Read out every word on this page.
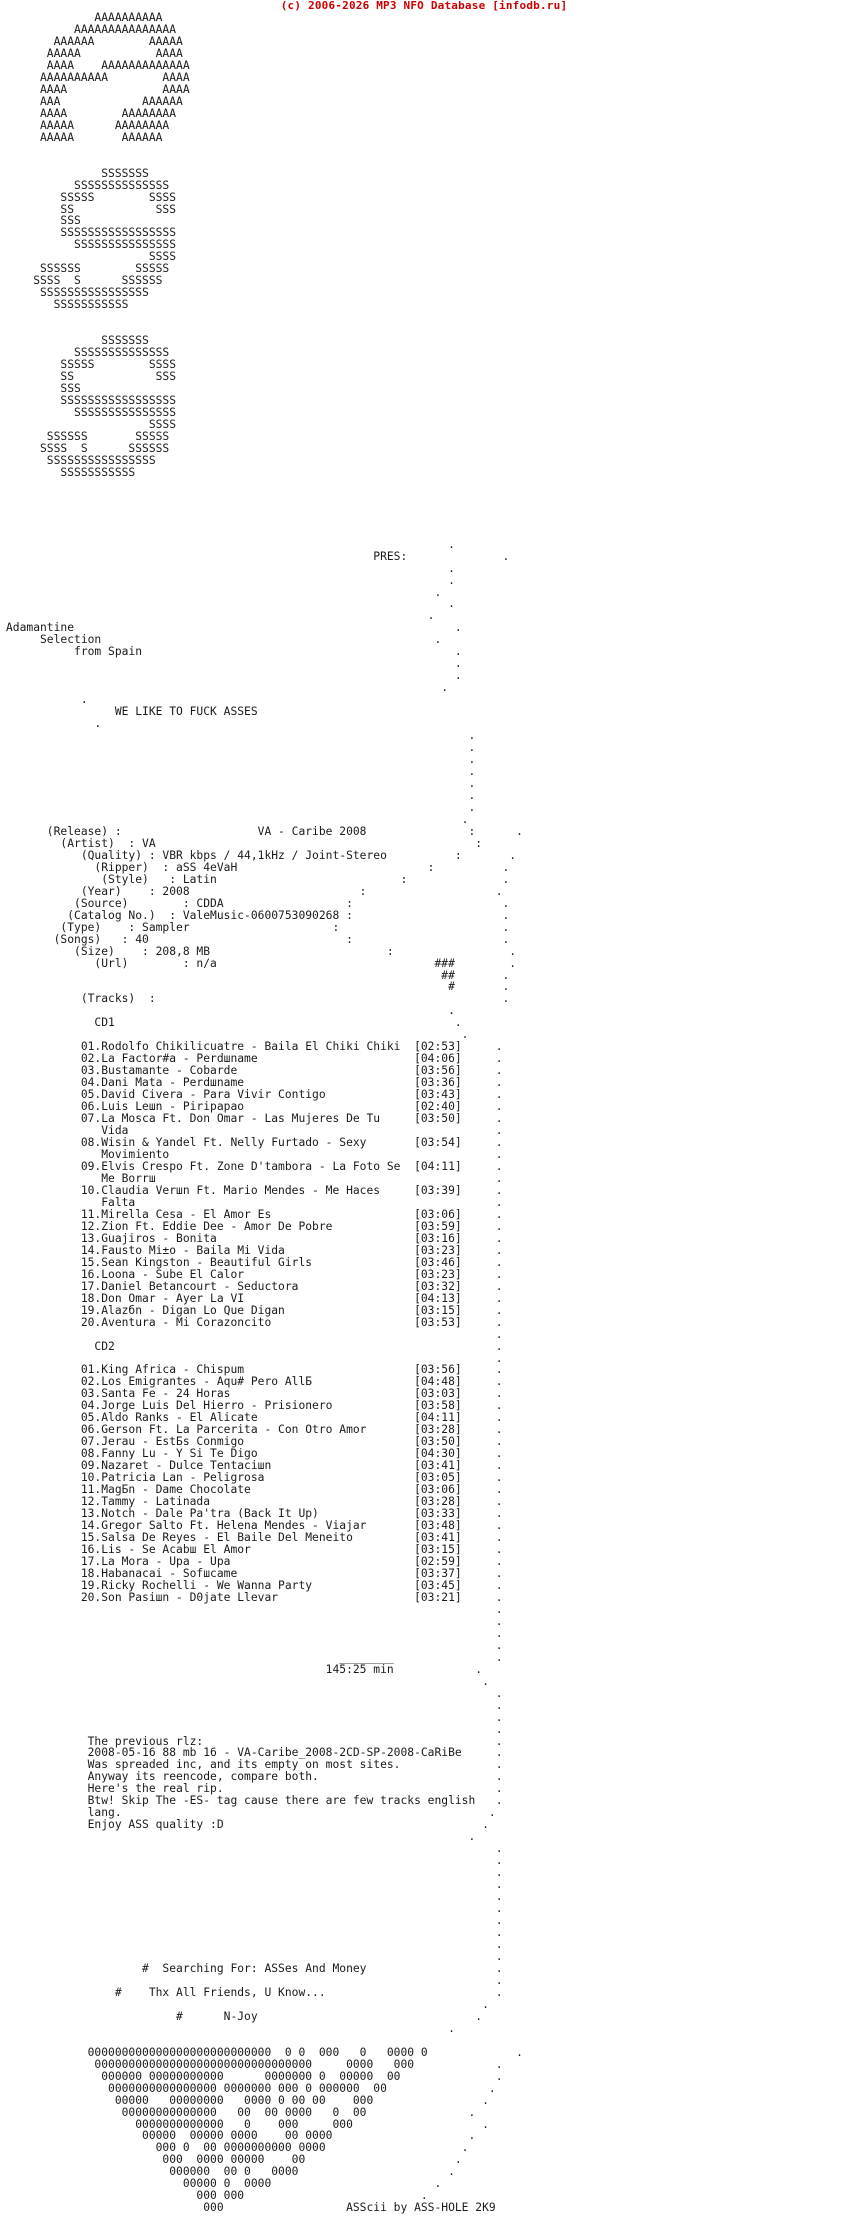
(c) 2006-2026 MP3 NFO Database [infodb.ru]
AAAAAAAAAA
AAAAAAAAAAAAAAA
AAAAAA        AAAAA
AAAAA           AAAA
AAAA    AAAAAAAAAAAAA
AAAAAAAAAA        AAAA
AAAA              AAAA
AAA            AAAAAA
AAAA        AAAAAAAA
AAAAA      AAAAAAAA
AAAAA       AAAAAA

SSSSSSS
SSSSSSSSSSSSSS
SSSSS        SSSS
SS            SSS
SSS
SSSSSSSSSSSSSSSSS
SSSSSSSSSSSSSSS
SSSS
SSSSSS        SSSSS
SSSS  S      SSSSSS
SSSSSSSSSSSSSSSS
SSSSSSSSSSS

SSSSSSS
SSSSSSSSSSSSSS
SSSSS        SSSS
SS            SSS
SSS
SSSSSSSSSSSSSSSSS
SSSSSSSSSSSSSSS
SSSS
SSSSSS       SSSSS
SSSS  S      SSSSSS
SSSSSSSSSSSSSSSS
SSSSSSSSSSS

.
PRES:              .
.
.
.
.
.
Adamantine                                                        .
Selection                                                 .
from Spain                                              .
.
.
.
.
WE LIKE TO FUCK ASSES
.
.
.
.
.
.
.
.
.
(Release) :                    VA - Caribe 2008               :      .
(Artist)  : VA                                               :
(Quality) : VBR kbps / 44,1kHz / Joint-Stereo          :       .
(Ripper)  : aSS 4eVaH                            :          .
(Style)   : Latin                           :              .
(Year)    : 2008                         :                   .
(Source)        : CDDA                  :                      .
(Catalog No.)  : ValeMusic-0600753090268 :                      .
(Type)    : Sampler                     :                        .
(Songs)   : 40                             :                      .
(Size)    : 208,8 MB                          :                 .
(Url)        : n/a                                ###        .
##       .
#       .
(Tracks)  :                                                   .
.
CD1                                                  .
.
01.Rodolfo Chikilicuatre - Baila El Chiki Chiki  [02:53]     .
02.La Factor#a - Perdшname                       [04:06]     .
03.Bustamante - Cobarde                          [03:56]     .
04.Dani Mata - Perdшname                         [03:36]     .
05.David Civera - Para Vivir Contigo             [03:43]     .
06.Luis Leшn - Piripapao                         [02:40]     .
07.La Mosca Ft. Don Omar - Las Mujeres De Tu     [03:50]     .
Vida                                                      .
08.Wisin & Yandel Ft. Nelly Furtado - Sexy       [03:54]     .
Movimiento                                                .
09.Elvis Crespo Ft. Zone D'tambora - La Foto Se  [04:11]     .
Me Borrш                                                  .
10.Claudia Verшn Ft. Mario Mendes - Me Haces     [03:39]     .
Falta                                                     .
11.Mirella Cesa - El Amor Es                     [03:06]     .
12.Zion Ft. Eddie Dee - Amor De Pobre            [03:59]     .
13.Guajiros - Bonita                             [03:16]     .
14.Fausto Mi±o - Baila Mi Vida                   [03:23]     .
15.Sean Kingston - Beautiful Girls               [03:46]     .
16.Loona - Sube El Calor                         [03:23]     .
17.Daniel Betancourt - Seductora                 [03:32]     .
18.Don Omar - Ayer La VI                         [04:13]     .
19.Alazбn - Digan Lo Que Digan                   [03:15]     .
20.Aventura - Mi Corazoncito                     [03:53]     .
.
CD2                                                        .
.
01.King Africa - Chispum                         [03:56]     .
02.Los Emigrantes - Aqu# Pero AllБ               [04:48]     .
03.Santa Fe - 24 Horas                           [03:03]     .
04.Jorge Luis Del Hierro - Prisionero            [03:58]     .
05.Aldo Ranks - El Alicate                       [04:11]     .
06.Gerson Ft. La Parcerita - Con Otro Amor       [03:28]     .
07.Jerau - EstБs Conmigo                         [03:50]     .
08.Fanny Lu - Y Si Te Digo                       [04:30]     .
09.Nazaret - Dulce Tentaciшn                     [03:41]     .
10.Patricia Lan - Peligrosa                      [03:05]     .
11.MagБn - Dame Chocolate                        [03:06]     .
12.Tammy - Latinada                              [03:28]     .
13.Notch - Dale Pa'tra (Back It Up)              [03:33]     .
14.Gregor Salto Ft. Helena Mendes - Viajar       [03:48]     .
15.Salsa De Reyes - El Baile Del Meneito         [03:41]     .
16.Lis - Se Acabш El Amor                        [03:15]     .
17.La Mora - Upa - Upa                           [02:59]     .
18.Habanacai - Sofшcame                          [03:37]     .
19.Ricky Rochelli - We Wanna Party               [03:45]     .
20.Son Pasiшn - D0jate Llevar                    [03:21]     .
.
.
.
.
________               .
145:25 min            .
.
.
.
.
.
The previous rlz:                                           .
2008-05-16 88 mb 16 - VA-Caribe_2008-2CD-SP-2008-CaRiBe     .
Was spreaded inc, and its empty on most sites.              .
Anyway its reencode, compare both.                          .
Here's the real rip.                                        .
Btw! Skip The -ES- tag cause there are few tracks english   .
lang.                                                      .
Enjoy ASS quality :D                                      .
.
.
.
.
.
.
.
.
.
.
.
#  Searching For: ASSes And Money                   .
.
#    Thx All Friends, U Know...                         .
.
#      N-Joy                                .
.

000000000000000000000000000  0 0  000   0   0000 0             .
00000000000000000000000000000000     0000   000            .
000000 00000000000      0000000 0  00000  00              .
0000000000000000 0000000 000 0 000000  00               .
00000   00000000   0000 0 00 00    000                .
00000000000000   00  00 0000   0  00               .
0000000000000   0    000     000                   .
00000  00000 0000    00 0000                    .
000 0  00 0000000000 0000                    .
000  0000 00000    00                      .
000000  00 0   0000                      .
00000 0  0000                        .
000 000                          .
000                  ASScii by ASS-HOLE 2K9
